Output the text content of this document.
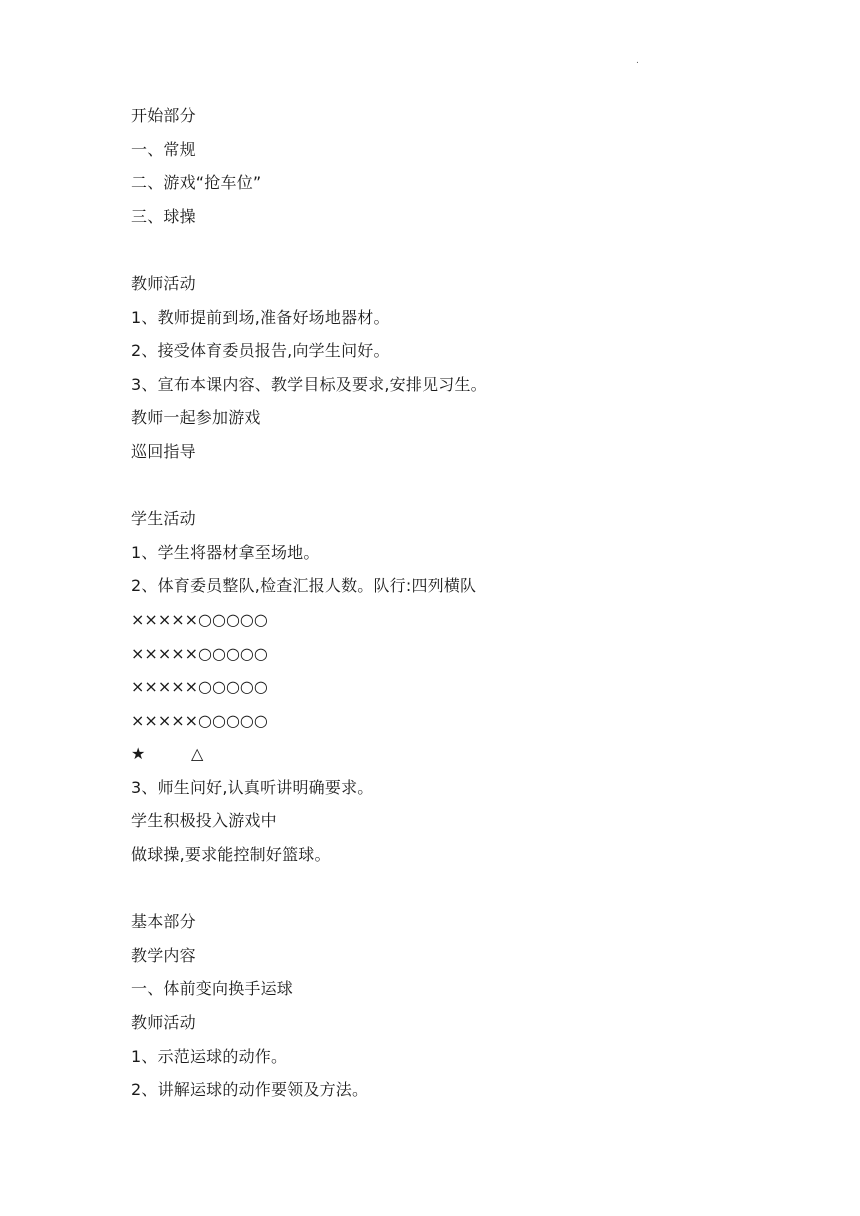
.
开始部分
一、常规
二、游戏“抢车位”
三、球操
教师活动
1、教师提前到场,准备好场地器材。
2、接受体育委员报告,向学生问好。
3、宣布本课内容、教学目标及要求,安排见习生。
教师一起参加游戏
巡回指导
学生活动
1、学生将器材拿至场地。
2、体育委员整队,检查汇报人数。队行:四列横队
×××××○○○○○
×××××○○○○○
×××××○○○○○
×××××○○○○○
★	△
3、师生问好,认真听讲明确要求。
学生积极投入游戏中
做球操,要求能控制好篮球。
基本部分
教学内容
一、体前变向换手运球
教师活动
1、示范运球的动作。
2、讲解运球的动作要领及方法。
